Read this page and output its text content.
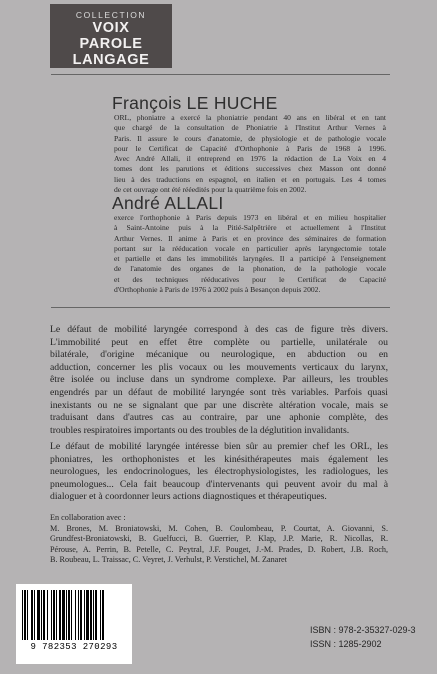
COLLECTION
VOIX
PAROLE
LANGAGE
François LE HUCHE
ORL, phoniatre a exercé la phoniatrie pendant 40 ans en libéral et en tant
que chargé de la consultation de Phoniatrie à l'Institut Arthur Vernes à
Paris. Il assure le cours d'anatomie, de physiologie et de pathologie vocale
pour le Certificat de Capacité d'Orthophonie à Paris de 1968 à 1996.
Avec André Allali, il entreprend en 1976 la rédaction de La Voix en 4
tomes dont les parutions et éditions successives chez Masson ont donné
lieu à des traductions en espagnol, en italien et en portugais. Les 4 tomes
de cet ouvrage ont été rééedités pour la quatrième fois en 2002.
André ALLALI
exerce l'orthophonie à Paris depuis 1973 en libéral et en milieu hospitalier
à Saint-Antoine puis à la Pitié-Salpêtrière et actuellement à l'Institut
Arthur Vernes. Il anime à Paris et en province des séminaires de formation
portant sur la rééducation vocale en particulier après laryngectomie totale
et partielle et dans les immobilités laryngées. Il a participé à l'enseignement
de l'anatomie des organes de la phonation, de la pathologie vocale
et des techniques rééducatives pour le Certificat de Capacité
d'Orthophonie à Paris de 1976 à 2002 puis à Besançon depuis 2002.
Le défaut de mobilité laryngée correspond à des cas de figure très divers.
L'immobilité peut en effet être complète ou partielle, unilatérale ou
bilatérale, d'origine mécanique ou neurologique, en abduction ou en
adduction, concerner les plis vocaux ou les mouvements verticaux du larynx,
être isolée ou incluse dans un syndrome complexe. Par ailleurs, les troubles
engendrés par un défaut de mobilité laryngée sont très variables. Parfois quasi
inexistants ou ne se signalant que par une discrète altération vocale, mais se
traduisant dans d'autres cas au contraire, par une aphonie complète, des
troubles respiratoires importants ou des troubles de la déglutition invalidants.
Le défaut de mobilité laryngée intéresse bien sûr au premier chef les ORL, les
phoniatres, les orthophonistes et les kinésithérapeutes mais également les
neurologues, les endocrinologues, les électrophysiologistes, les radiologues, les
pneumologues... Cela fait beaucoup d'intervenants qui peuvent avoir du mal à
dialoguer et à coordonner leurs actions diagnostiques et thérapeutiques.
En collaboration avec :
M. Brones, M. Broniatowski, M. Cohen, B. Coulombeau, P. Courtat, A. Giovanni, S.
Grundfest-Broniatowski, B. Guelfucci, B. Guerrier, P. Klap, J.P. Marie, R. Nicollas, R.
Pérouse, A. Perrin, B. Petelle, C. Peytral, J.F. Pouget, J.-M. Prades, D. Robert, J.B. Roch,
B. Roubeau, L. Traissac, C. Veyret, J. Verhulst, P. Verstichel, M. Zanaret
9 782353 270293
ISBN : 978-2-35327-029-3
ISSN : 1285-2902
